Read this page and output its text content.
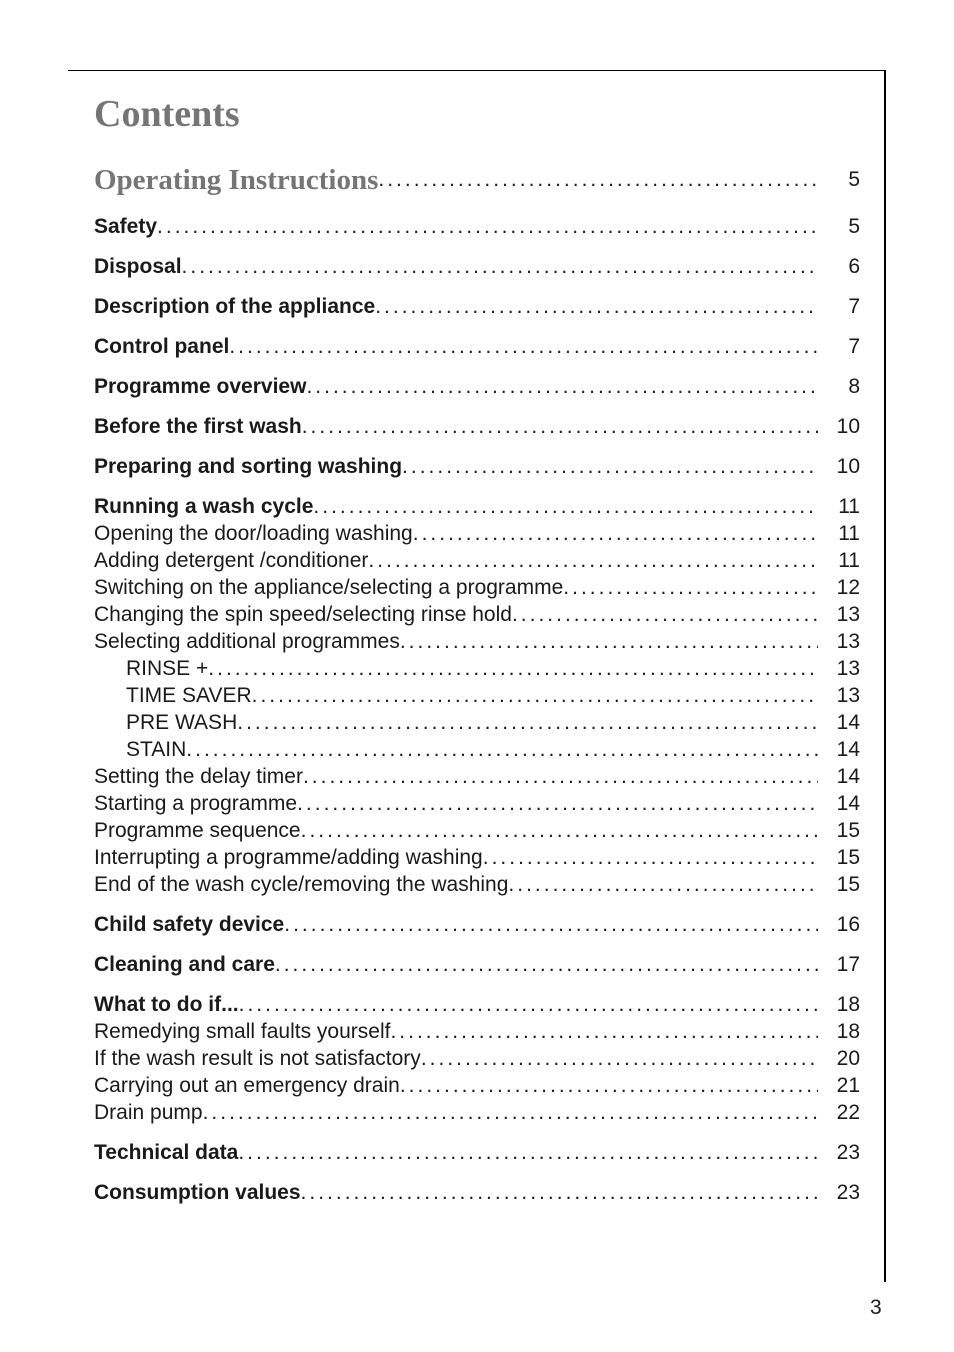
Contents
Operating Instructions .....	5
Safety .....	5
Disposal .....	6
Description of the appliance .....	7
Control panel .....	7
Programme overview .....	8
Before the first wash .....	10
Preparing and sorting washing .....	10
Running a wash cycle .....	11
Opening the door/loading washing .....	11
Adding detergent /conditioner .....	11
Switching on the appliance/selecting a programme .....	12
Changing the spin speed/selecting rinse hold .....	13
Selecting additional programmes .....	13
RINSE + .....	13
TIME SAVER .....	13
PRE WASH .....	14
STAIN .....	14
Setting the delay timer .....	14
Starting a programme .....	14
Programme sequence .....	15
Interrupting a programme/adding washing .....	15
End of the wash cycle/removing the washing .....	15
Child safety device .....	16
Cleaning and care .....	17
What to do if... .....	18
Remedying small faults yourself .....	18
If the wash result is not satisfactory .....	20
Carrying out an emergency drain .....	21
Drain pump .....	22
Technical data .....	23
Consumption values .....	23
3
